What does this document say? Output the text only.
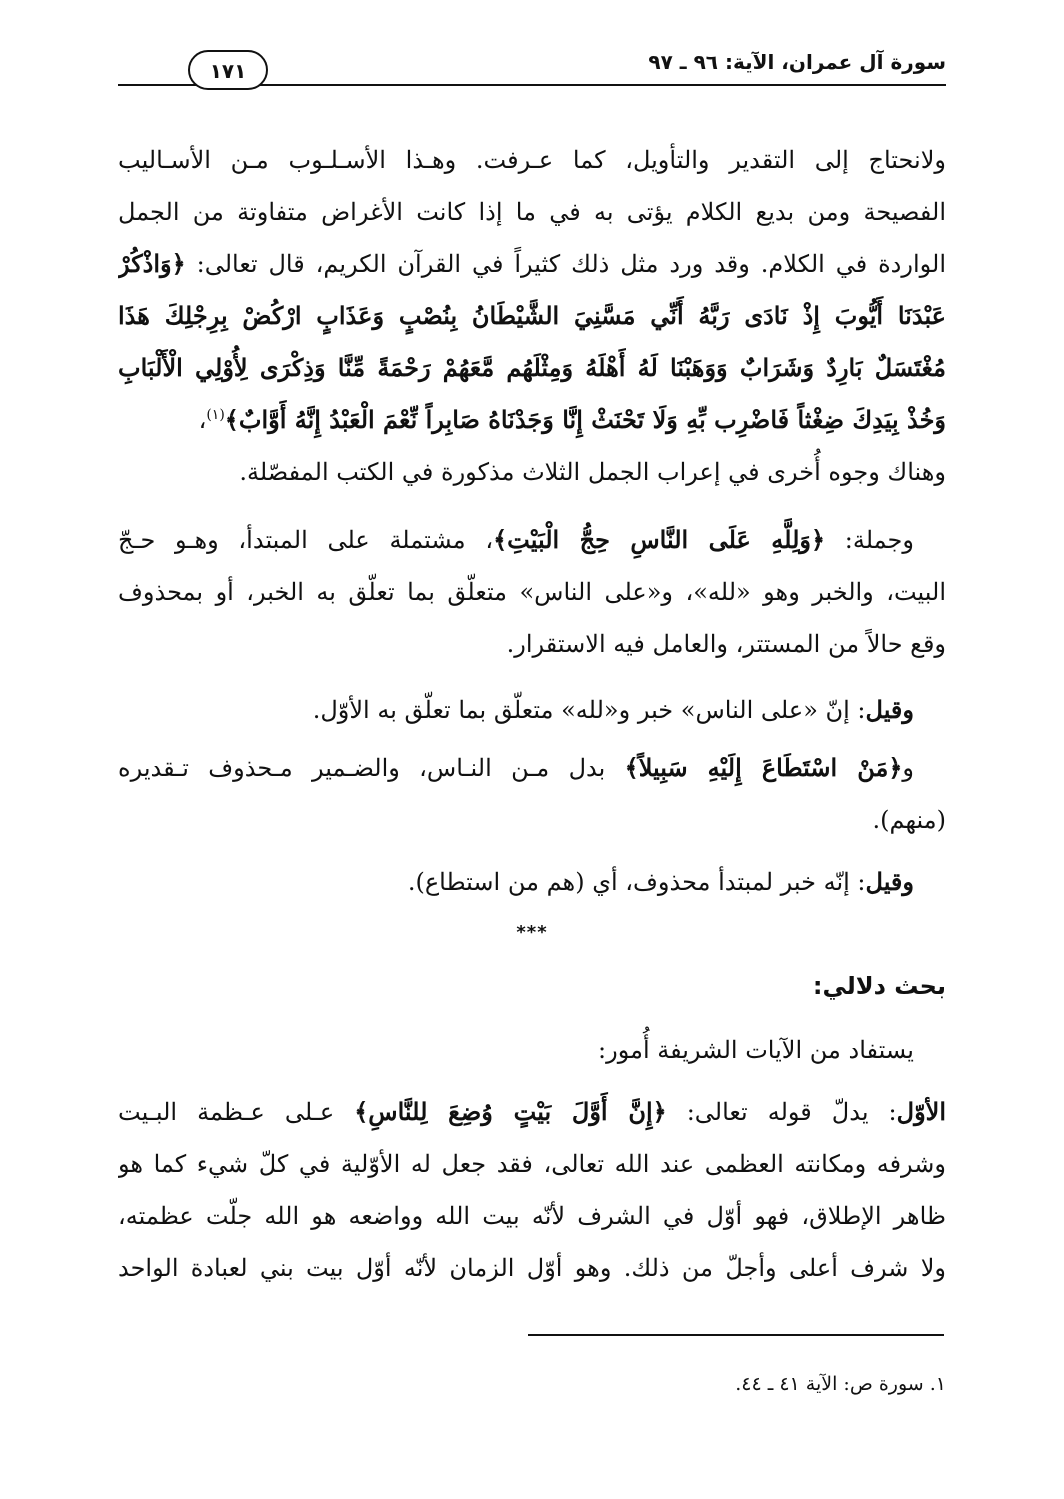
سورة آل عمران، الآية: ٩٦ ـ ٩٧
١٧١
ولانحتاج إلى التقدير والتأويل، كما عـرفت. وهـذا الأسـلـوب مـن الأسـاليب
الفصيحة ومن بديع الكلام يؤتى به في ما إذا كانت الأغراض متفاوتة من الجمل
الواردة في الكلام. وقد ورد مثل ذلك كثيراً في القرآن الكريم، قال تعالى: ﴿وَاذْكُرْ
عَبْدَنَا أَيُّوبَ إِذْ نَادَى رَبَّهُ أَنِّي مَسَّنِيَ الشَّيْطَانُ بِنُصْبٍ وَعَذَابٍ ارْكُضْ بِرِجْلِكَ هَذَا
مُغْتَسَلٌ بَارِدٌ وَشَرَابٌ وَوَهَبْنَا لَهُ أَهْلَهُ وَمِثْلَهُم مَّعَهُمْ رَحْمَةً مِّنَّا وَذِكْرَى لِأُوْلِي الْأَلْبَابِ
وَخُذْ بِيَدِكَ ضِغْثاً فَاضْرِب بِّهِ وَلَا تَحْنَثْ إِنَّا وَجَدْنَاهُ صَابِراً نِّعْمَ الْعَبْدُ إِنَّهُ أَوَّابٌ﴾$^{(١)}$،
وهناك وجوه أُخرى في إعراب الجمل الثلاث مذكورة في الكتب المفصّلة.
وجملة: ﴿وَلِلَّهِ عَلَى النَّاسِ حِجُّ الْبَيْتِ﴾، مشتملة على المبتدأ، وهـو حـجّ
البيت، والخبر وهو «لله»، و«على الناس» متعلّق بما تعلّق به الخبر، أو بمحذوف
وقع حالاً من المستتر، والعامل فيه الاستقرار.
وقيل: إنّ «على الناس» خبر و«لله» متعلّق بما تعلّق به الأوّل.
و﴿مَنْ اسْتَطَاعَ إِلَيْهِ سَبِيلاً﴾ بدل مـن النـاس، والضـمير مـحذوف تـقديره
(منهم).
وقيل: إنّه خبر لمبتدأ محذوف، أي (هم من استطاع).
***
بحث دلالي:
يستفاد من الآيات الشريفة أُمور:
الأوّل: يدلّ قوله تعالى: ﴿إِنَّ أَوَّلَ بَيْتٍ وُضِعَ لِلنَّاسِ﴾ عـلى عـظمة البـيت
وشرفه ومكانته العظمى عند الله تعالى، فقد جعل له الأوّلية في كلّ شيء كما هو
ظاهر الإطلاق، فهو أوّل في الشرف لأنّه بيت الله وواضعه هو الله جلّت عظمته،
ولا شرف أعلى وأجلّ من ذلك. وهو أوّل الزمان لأنّه أوّل بيت بني لعبادة الواحد
١. سورة ص: الآية ٤١ ـ ٤٤.
